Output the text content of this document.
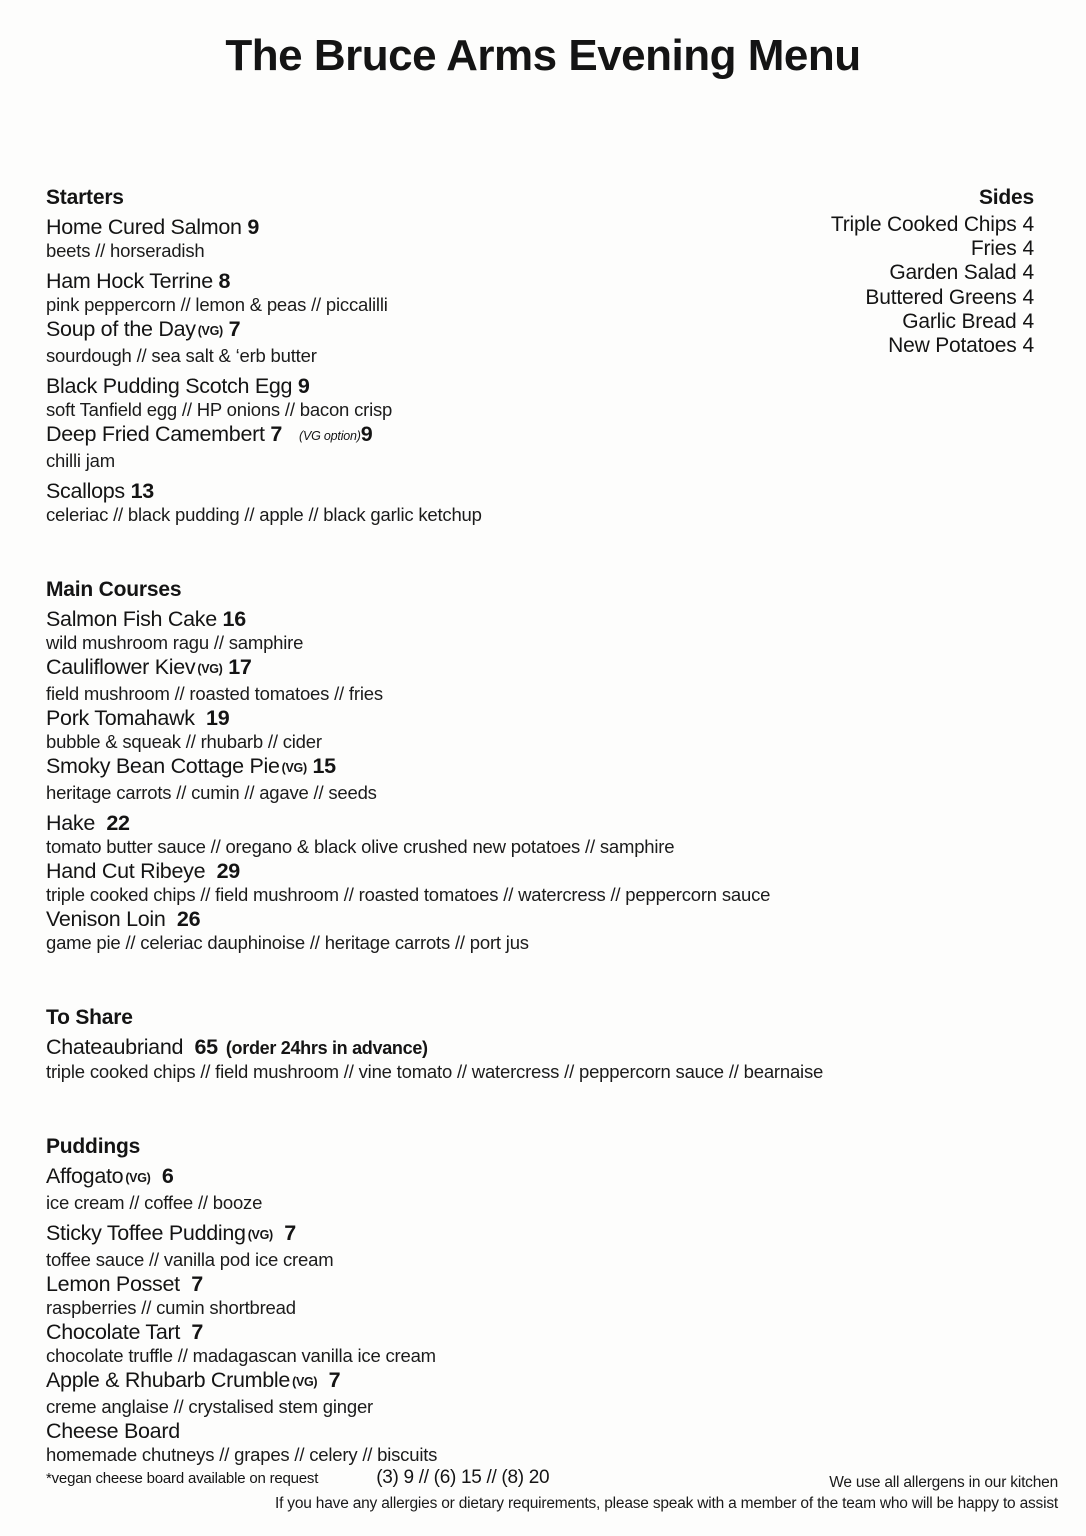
The Bruce Arms Evening Menu
Sides
Triple Cooked Chips 4
Fries 4
Garden Salad 4
Buttered Greens 4
Garlic Bread 4
New Potatoes 4
Starters
Home Cured Salmon 9
beets // horseradish
Ham Hock Terrine 8
pink peppercorn // lemon & peas // piccalilli
Soup of the Day (VG) 7
sourdough // sea salt & ‘erb butter
Black Pudding Scotch Egg 9
soft Tanfield egg // HP onions // bacon crisp
Deep Fried Camembert 7 (VG option)9
chilli jam
Scallops 13
celeriac // black pudding // apple // black garlic ketchup
Main Courses
Salmon Fish Cake 16
wild mushroom ragu // samphire
Cauliflower Kiev (VG) 17
field mushroom // roasted tomatoes // fries
Pork Tomahawk 19
bubble & squeak // rhubarb // cider
Smoky Bean Cottage Pie (VG) 15
heritage carrots // cumin // agave // seeds
Hake 22
tomato butter sauce // oregano & black olive crushed new potatoes // samphire
Hand Cut Ribeye 29
triple cooked chips // field mushroom // roasted tomatoes // watercress // peppercorn sauce
Venison Loin 26
game pie // celeriac dauphinoise // heritage carrots // port jus
To Share
Chateaubriand 65 (order 24hrs in advance)
triple cooked chips // field mushroom // vine tomato // watercress // peppercorn sauce // bearnaise
Puddings
Affogato (VG) 6
ice cream // coffee // booze
Sticky Toffee Pudding (VG) 7
toffee sauce // vanilla pod ice cream
Lemon Posset 7
raspberries // cumin shortbread
Chocolate Tart 7
chocolate truffle // madagascan vanilla ice cream
Apple & Rhubarb Crumble (VG) 7
creme anglaise // crystalised stem ginger
Cheese Board
homemade chutneys // grapes // celery // biscuits
*vegan cheese board available on request	(3) 9 // (6) 15 // (8) 20	We use all allergens in our kitchen
If you have any allergies or dietary requirements, please speak with a member of the team who will be happy to assist
